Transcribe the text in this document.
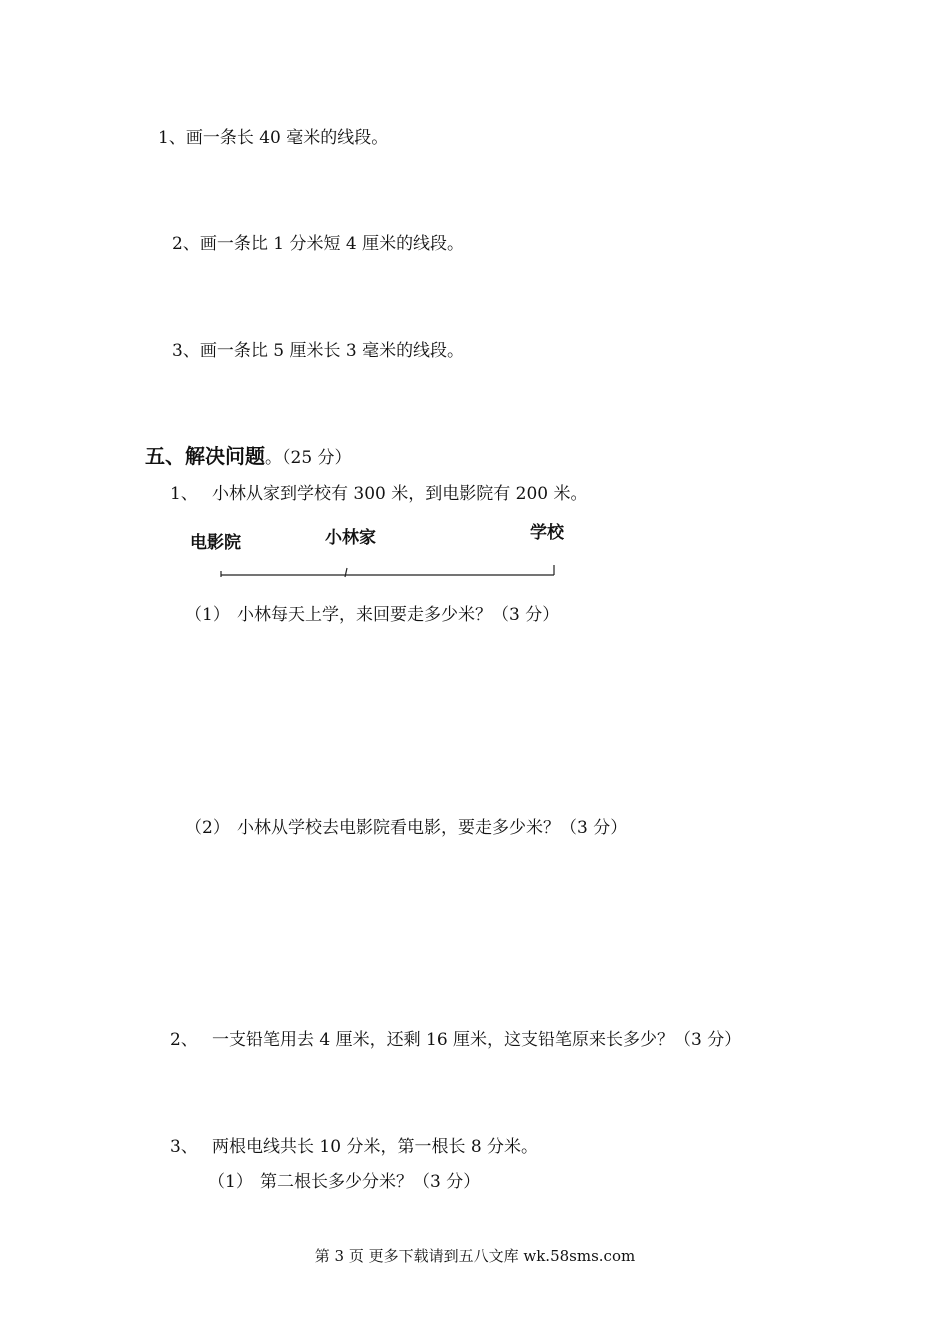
1、画一条长 40 毫米的线段。
2、画一条比 1 分米短 4 厘米的线段。
3、画一条比 5 厘米长 3 毫米的线段。
五、解决问题。（25 分）
1、 小林从家到学校有 300 米，到电影院有 200 米。
电影院	小林家	学校
（1） 小林每天上学，来回要走多少米？（3 分）
（2） 小林从学校去电影院看电影，要走多少米？（3 分）
2、 一支铅笔用去 4 厘米，还剩 16 厘米，这支铅笔原来长多少？（3 分）
3、 两根电线共长 10 分米，第一根长 8 分米。
（1） 第二根长多少分米？（3 分）
第 3 页 更多下载请到五八文库 wk.58sms.com
